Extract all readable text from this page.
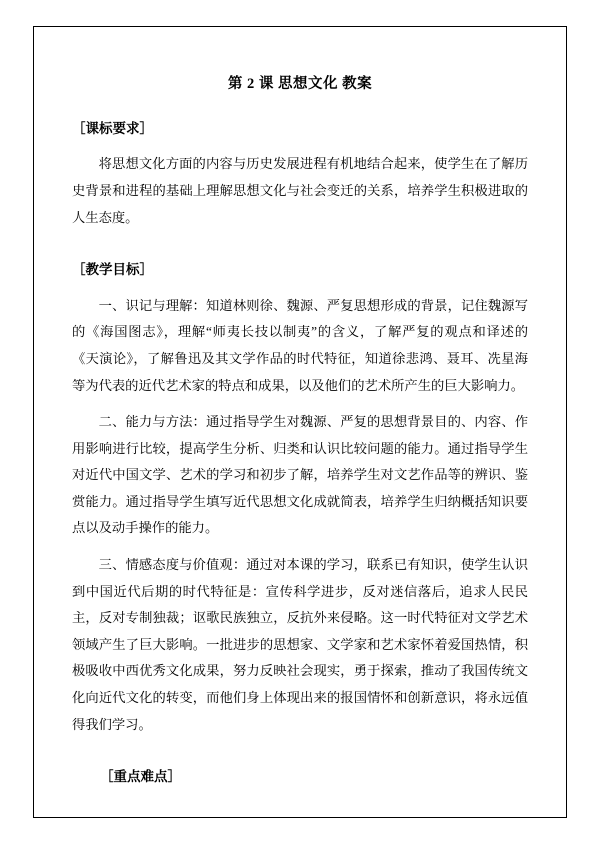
第 2 课 思想文化 教案
［课标要求］

将思想文化方面的内容与历史发展进程有机地结合起来，使学生在了解历史背景和进程的基础上理解思想文化与社会变迁的关系，培养学生积极进取的人生态度。

［教学目标］

一、识记与理解：知道林则徐、魏源、严复思想形成的背景，记住魏源写的《海国图志》，理解“师夷长技以制夷”的含义，了解严复的观点和译述的《天演论》，了解鲁迅及其文学作品的时代特征，知道徐悲鸿、聂耳、冼星海等为代表的近代艺术家的特点和成果，以及他们的艺术所产生的巨大影响力。

二、能力与方法：通过指导学生对魏源、严复的思想背景目的、内容、作用影响进行比较，提高学生分析、归类和认识比较问题的能力。通过指导学生对近代中国文学、艺术的学习和初步了解，培养学生对文艺作品等的辨识、鉴赏能力。通过指导学生填写近代思想文化成就简表，培养学生归纳概括知识要点以及动手操作的能力。

三、情感态度与价值观：通过对本课的学习，联系已有知识，使学生认识到中国近代后期的时代特征是：宣传科学进步，反对迷信落后，追求人民民主，反对专制独裁；讴歌民族独立，反抗外来侵略。这一时代特征对文学艺术领域产生了巨大影响。一批进步的思想家、文学家和艺术家怀着爱国热情，积极吸收中西优秀文化成果，努力反映社会现实，勇于探索，推动了我国传统文化向近代文化的转变，而他们身上体现出来的报国情怀和创新意识，将永远值得我们学习。

［重点难点］
